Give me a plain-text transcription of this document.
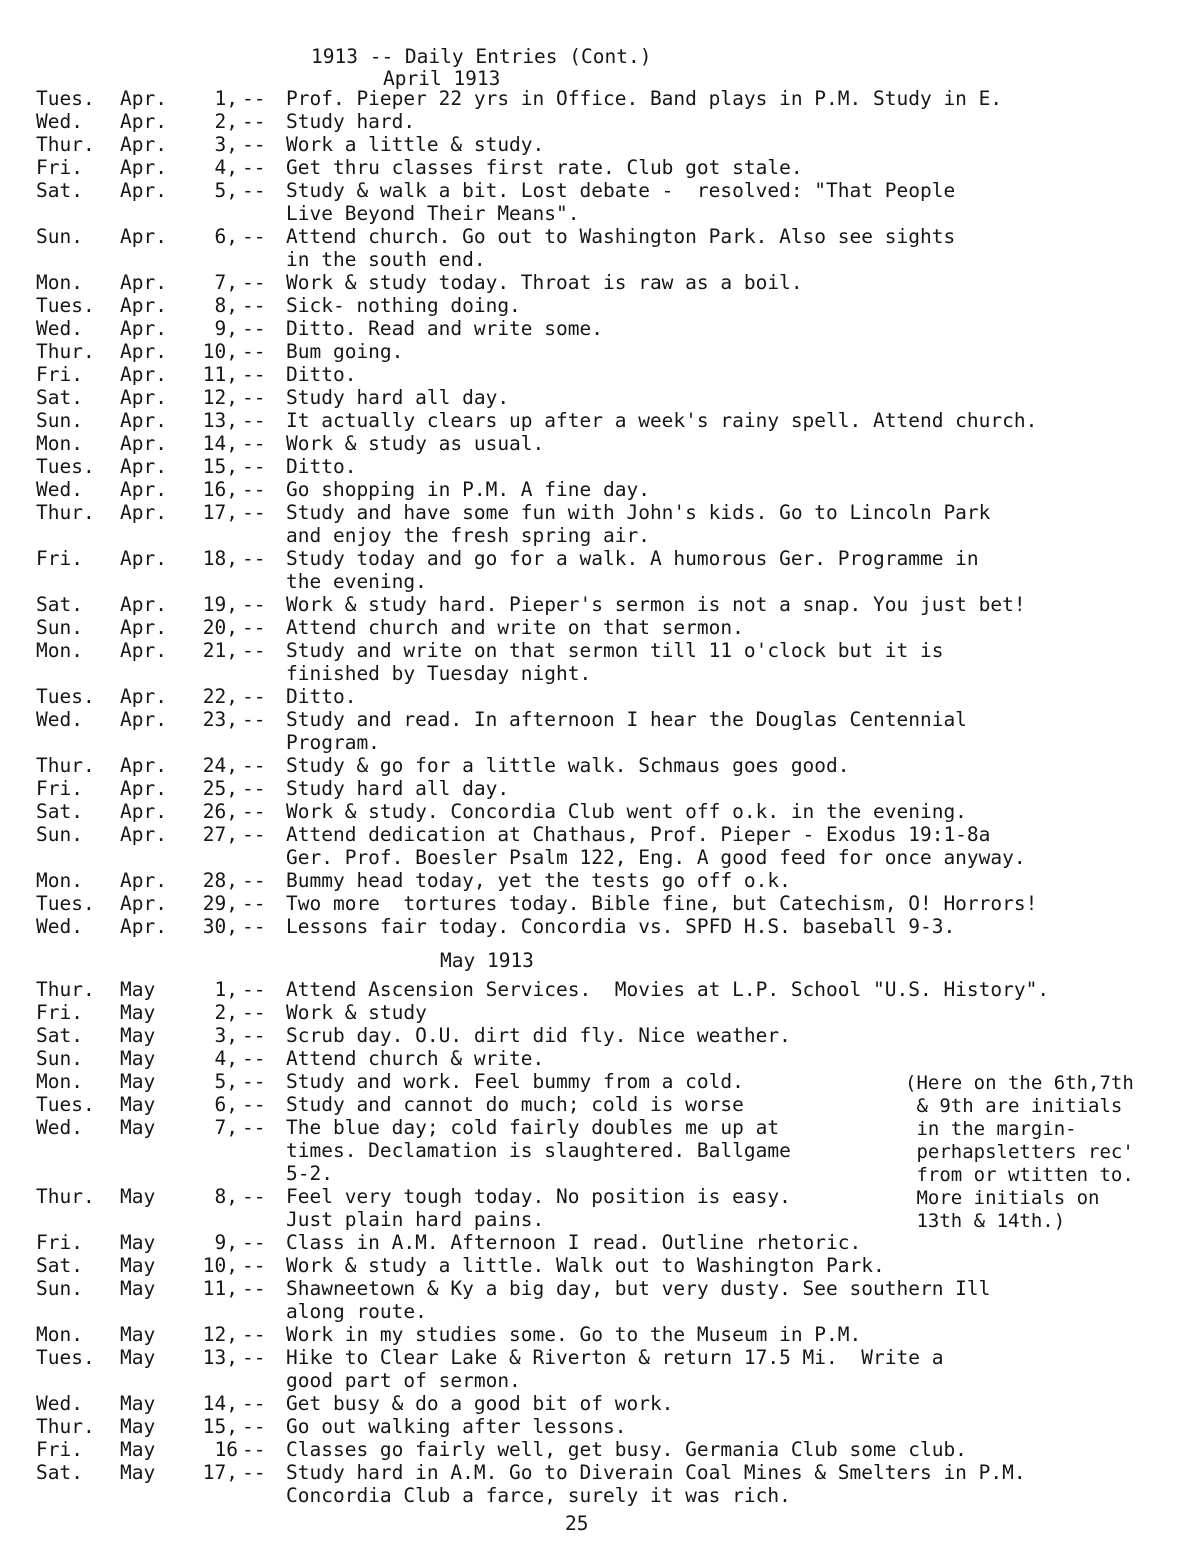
1913 -- Daily Entries (Cont.)
April 1913
Tues.	Apr.	1, --	Prof. Pieper 22 yrs in Office. Band plays in P.M. Study in E.
Wed.	Apr.	2, --	Study hard.
Thur.	Apr.	3, --	Work a little & study.
Fri.	Apr.	4, --	Get thru classes first rate. Club got stale.
Sat.	Apr.	5, --	Study & walk a bit. Lost debate -  resolved: "That People
Live Beyond Their Means".
Sun.	Apr.	6, --	Attend church. Go out to Washington Park. Also see sights
in the south end.
Mon.	Apr.	7, --	Work & study today. Throat is raw as a boil.
Tues.	Apr.	8, --	Sick- nothing doing.
Wed.	Apr.	9, --	Ditto. Read and write some.
Thur.	Apr.	10, --	Bum going.
Fri.	Apr.	11, --	Ditto.
Sat.	Apr.	12, --	Study hard all day.
Sun.	Apr.	13, --	It actually clears up after a week's rainy spell. Attend church.
Mon.	Apr.	14, --	Work & study as usual.
Tues.	Apr.	15, --	Ditto.
Wed.	Apr.	16, --	Go shopping in P.M. A fine day.
Thur.	Apr.	17, --	Study and have some fun with John's kids. Go to Lincoln Park
and enjoy the fresh spring air.
Fri.	Apr.	18, --	Study today and go for a walk. A humorous Ger. Programme in
the evening.
Sat.	Apr.	19, --	Work & study hard. Pieper's sermon is not a snap. You just bet!
Sun.	Apr.	20, --	Attend church and write on that sermon.
Mon.	Apr.	21, --	Study and write on that sermon till 11 o'clock but it is
finished by Tuesday night.
Tues.	Apr.	22, --	Ditto.
Wed.	Apr.	23, --	Study and read. In afternoon I hear the Douglas Centennial
Program.
Thur.	Apr.	24, --	Study & go for a little walk. Schmaus goes good.
Fri.	Apr.	25, --	Study hard all day.
Sat.	Apr.	26, --	Work & study. Concordia Club went off o.k. in the evening.
Sun.	Apr.	27, --	Attend dedication at Chathaus, Prof. Pieper - Exodus 19:1-8a
Ger. Prof. Boesler Psalm 122, Eng. A good feed for once anyway.
Mon.	Apr.	28, --	Bummy head today, yet the tests go off o.k.
Tues.	Apr.	29, --	Two more  tortures today. Bible fine, but Catechism, O! Horrors!
Wed.	Apr.	30, --	Lessons fair today. Concordia vs. SPFD H.S. baseball 9-3.
May 1913
Thur.	May	1, --	Attend Ascension Services.  Movies at L.P. School "U.S. History".
Fri.	May	2, --	Work & study
Sat.	May	3, --	Scrub day. O.U. dirt did fly. Nice weather.
Sun.	May	4, --	Attend church & write.
Mon.	May	5, --	Study and work. Feel bummy from a cold.
Tues.	May	6, --	Study and cannot do much; cold is worse
Wed.	May	7, --	The blue day; cold fairly doubles me up at
times. Declamation is slaughtered. Ballgame
5-2.
Thur.	May	8, --	Feel very tough today. No position is easy.
Just plain hard pains.
Fri.	May	9, --	Class in A.M. Afternoon I read. Outline rhetoric.
Sat.	May	10, --	Work & study a little. Walk out to Washington Park.
Sun.	May	11, --	Shawneetown & Ky a big day, but very dusty. See southern Ill
along route.
Mon.	May	12, --	Work in my studies some. Go to the Museum in P.M.
Tues.	May	13, --	Hike to Clear Lake & Riverton & return 17.5 Mi.  Write a
good part of sermon.
Wed.	May	14, --	Get busy & do a good bit of work.
Thur.	May	15, --	Go out walking after lessons.
Fri.	May	16 --	Classes go fairly well, get busy. Germania Club some club.
Sat.	May	17, --	Study hard in A.M. Go to Diverain Coal Mines & Smelters in P.M.
Concordia Club a farce, surely it was rich.
(Here on the 6th,7th
& 9th are initials
in the margin-
perhapsletters rec'
from or wtitten to.
More initials on
13th & 14th.)
25
